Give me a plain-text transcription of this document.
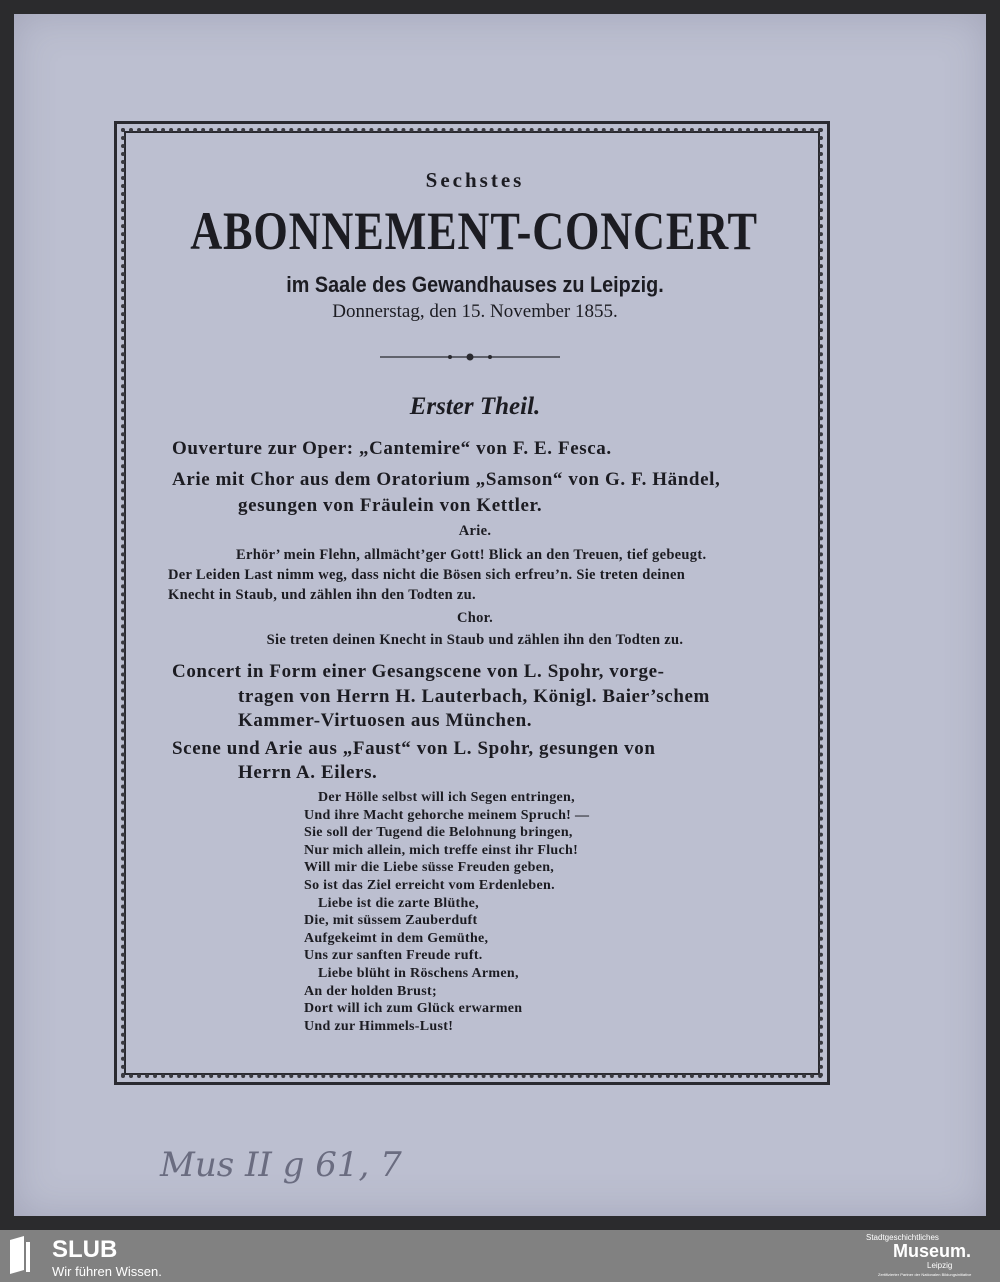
Sechstes
ABONNEMENT-CONCERT
im Saale des Gewandhauses zu Leipzig.
Donnerstag, den 15. November 1855.
Erster Theil.
Ouverture zur Oper: „Cantemire“ von F. E. Fesca.
Arie mit Chor aus dem Oratorium „Samson“ von G. F. Händel,
gesungen von Fräulein von Kettler.
Arie.
Erhör’ mein Flehn, allmächt’ger Gott! Blick an den Treuen, tief gebeugt.
Der Leiden Last nimm weg, dass nicht die Bösen sich erfreu’n. Sie treten deinen
Knecht in Staub, und zählen ihn den Todten zu.
Chor.
Sie treten deinen Knecht in Staub und zählen ihn den Todten zu.
Concert in Form einer Gesangscene von L. Spohr, vorge-
tragen von Herrn H. Lauterbach, Königl. Baier’schem
Kammer-Virtuosen aus München.
Scene und Arie aus „Faust“ von L. Spohr, gesungen von
Herrn A. Eilers.
Der Hölle selbst will ich Segen entringen,
Und ihre Macht gehorche meinem Spruch! —
Sie soll der Tugend die Belohnung bringen,
Nur mich allein, mich treffe einst ihr Fluch!
Will mir die Liebe süsse Freuden geben,
So ist das Ziel erreicht vom Erdenleben.
Liebe ist die zarte Blüthe,
Die, mit süssem Zauberduft
Aufgekeimt in dem Gemüthe,
Uns zur sanften Freude ruft.
Liebe blüht in Röschens Armen,
An der holden Brust;
Dort will ich zum Glück erwarmen
Und zur Himmels-Lust!
Mus II g 61, 7
SLUB
Wir führen Wissen.
Stadtgeschichtliches
Museum.
Leipzig
Zertifizierter Partner der Nationalen Bildungsinitiative
